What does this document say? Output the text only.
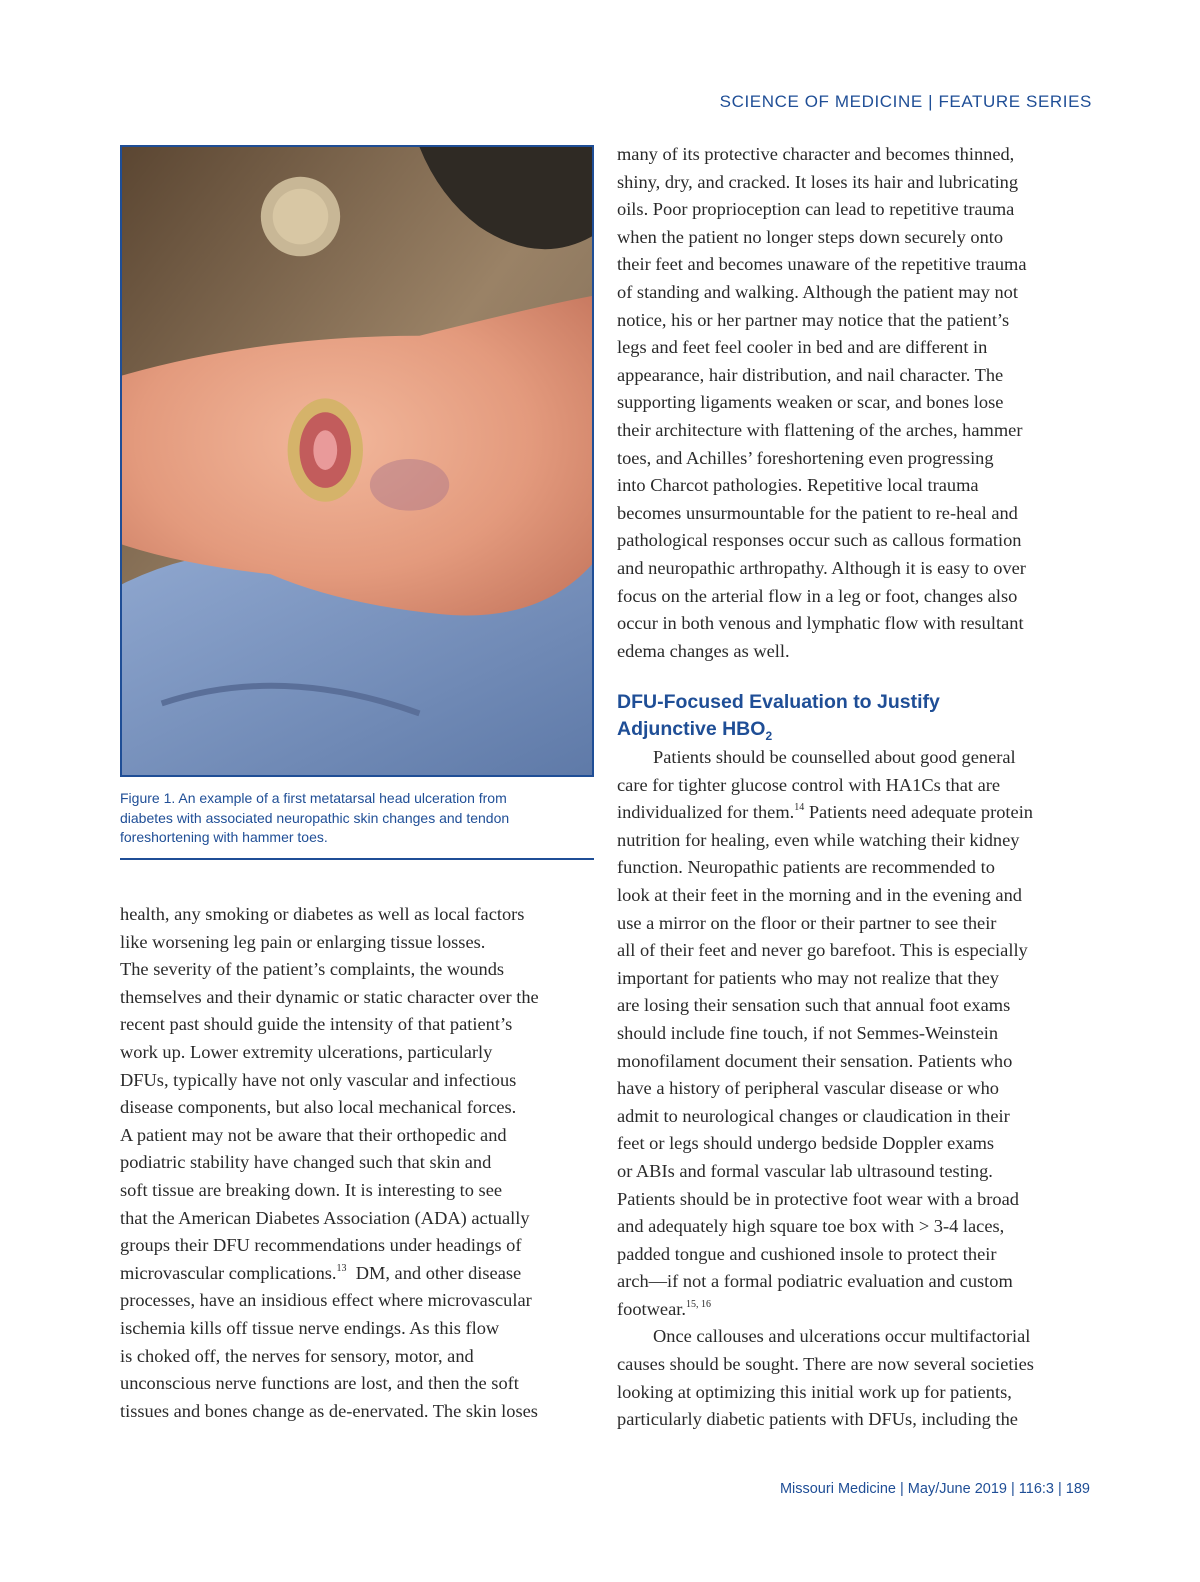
SCIENCE OF MEDICINE | FEATURE SERIES
Figure 1. An example of a first metatarsal head ulceration from
diabetes with associated neuropathic skin changes and tendon
foreshortening with hammer toes.
health, any smoking or diabetes as well as local factors
like worsening leg pain or enlarging tissue losses.
The severity of the patient’s complaints, the wounds
themselves and their dynamic or static character over the
recent past should guide the intensity of that patient’s
work up. Lower extremity ulcerations, particularly
DFUs, typically have not only vascular and infectious
disease components, but also local mechanical forces.
A patient may not be aware that their orthopedic and
podiatric stability have changed such that skin and
soft tissue are breaking down. It is interesting to see
that the American Diabetes Association (ADA) actually
groups their DFU recommendations under headings of
microvascular complications.$^{13}$  DM, and other disease
processes, have an insidious effect where microvascular
ischemia kills off tissue nerve endings. As this flow
is choked off, the nerves for sensory, motor, and
unconscious nerve functions are lost, and then the soft
tissues and bones change as de-enervated. The skin loses
many of its protective character and becomes thinned,
shiny, dry, and cracked. It loses its hair and lubricating
oils. Poor proprioception can lead to repetitive trauma
when the patient no longer steps down securely onto
their feet and becomes unaware of the repetitive trauma
of standing and walking. Although the patient may not
notice, his or her partner may notice that the patient’s
legs and feet feel cooler in bed and are different in
appearance, hair distribution, and nail character. The
supporting ligaments weaken or scar, and bones lose
their architecture with flattening of the arches, hammer
toes, and Achilles’ foreshortening even progressing
into Charcot pathologies. Repetitive local trauma
becomes unsurmountable for the patient to re-heal and
pathological responses occur such as callous formation
and neuropathic arthropathy. Although it is easy to over
focus on the arterial flow in a leg or foot, changes also
occur in both venous and lymphatic flow with resultant
edema changes as well.
DFU-Focused Evaluation to Justify
Adjunctive $HBO_2$
Patients should be counselled about good general
care for tighter glucose control with HA1Cs that are
individualized for them.$^{14}$ Patients need adequate protein
nutrition for healing, even while watching their kidney
function. Neuropathic patients are recommended to
look at their feet in the morning and in the evening and
use a mirror on the floor or their partner to see their
all of their feet and never go barefoot. This is especially
important for patients who may not realize that they
are losing their sensation such that annual foot exams
should include fine touch, if not Semmes-Weinstein
monofilament document their sensation. Patients who
have a history of peripheral vascular disease or who
admit to neurological changes or claudication in their
feet or legs should undergo bedside Doppler exams
or ABIs and formal vascular lab ultrasound testing.
Patients should be in protective foot wear with a broad
and adequately high square toe box with > 3-4 laces,
padded tongue and cushioned insole to protect their
arch—if not a formal podiatric evaluation and custom
footwear.$^{15, 16}$
Once callouses and ulcerations occur multifactorial
causes should be sought. There are now several societies
looking at optimizing this initial work up for patients,
particularly diabetic patients with DFUs, including the
Missouri Medicine | May/June 2019 | 116:3 | 189
